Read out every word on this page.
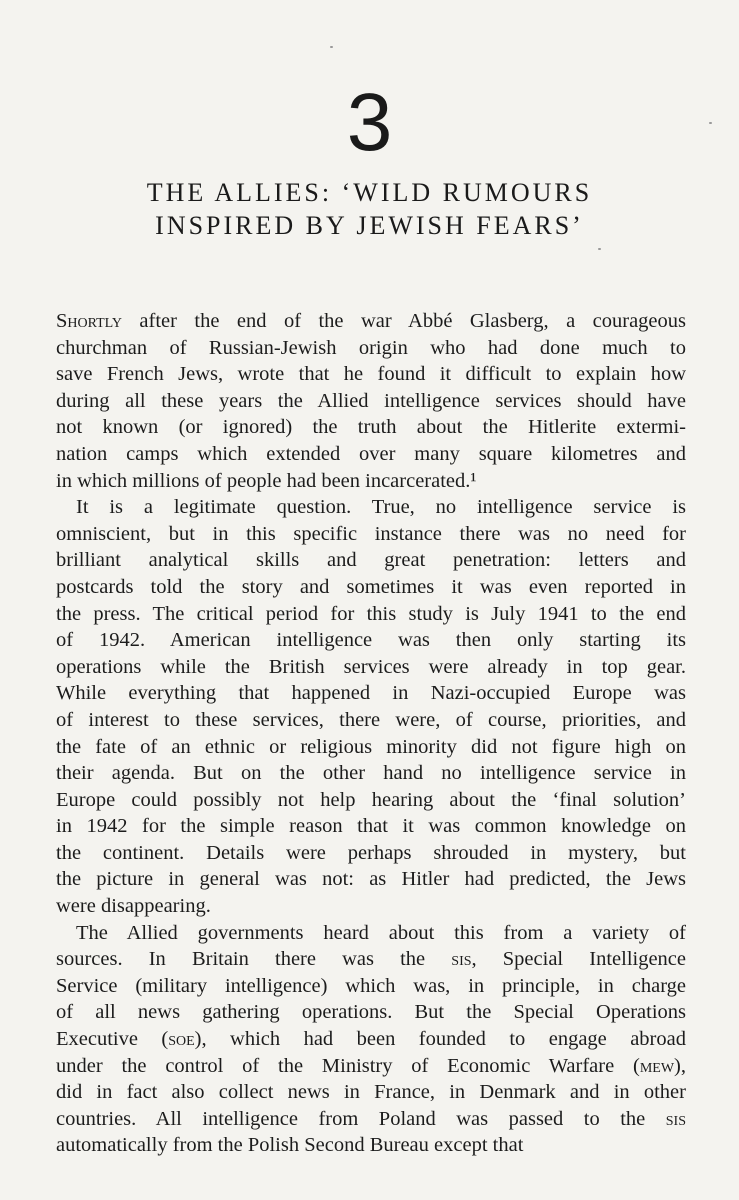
3
THE ALLIES: ‘WILD RUMOURS
INSPIRED BY JEWISH FEARS’
Shortly after the end of the war Abbé Glasberg, a courageous
churchman of Russian-Jewish origin who had done much to
save French Jews, wrote that he found it difficult to explain how
during all these years the Allied intelligence services should have
not known (or ignored) the truth about the Hitlerite extermi-
nation camps which extended over many square kilometres and
in which millions of people had been incarcerated.¹
It is a legitimate question. True, no intelligence service is
omniscient, but in this specific instance there was no need for
brilliant analytical skills and great penetration: letters and
postcards told the story and sometimes it was even reported in
the press. The critical period for this study is July 1941 to the end
of 1942. American intelligence was then only starting its
operations while the British services were already in top gear.
While everything that happened in Nazi-occupied Europe was
of interest to these services, there were, of course, priorities, and
the fate of an ethnic or religious minority did not figure high on
their agenda. But on the other hand no intelligence service in
Europe could possibly not help hearing about the ‘final solution’
in 1942 for the simple reason that it was common knowledge on
the continent. Details were perhaps shrouded in mystery, but
the picture in general was not: as Hitler had predicted, the Jews
were disappearing.
The Allied governments heard about this from a variety of
sources. In Britain there was the sis, Special Intelligence
Service (military intelligence) which was, in principle, in charge
of all news gathering operations. But the Special Operations
Executive (soe), which had been founded to engage abroad
under the control of the Ministry of Economic Warfare (mew),
did in fact also collect news in France, in Denmark and in other
countries. All intelligence from Poland was passed to the sis
automatically from the Polish Second Bureau except that
